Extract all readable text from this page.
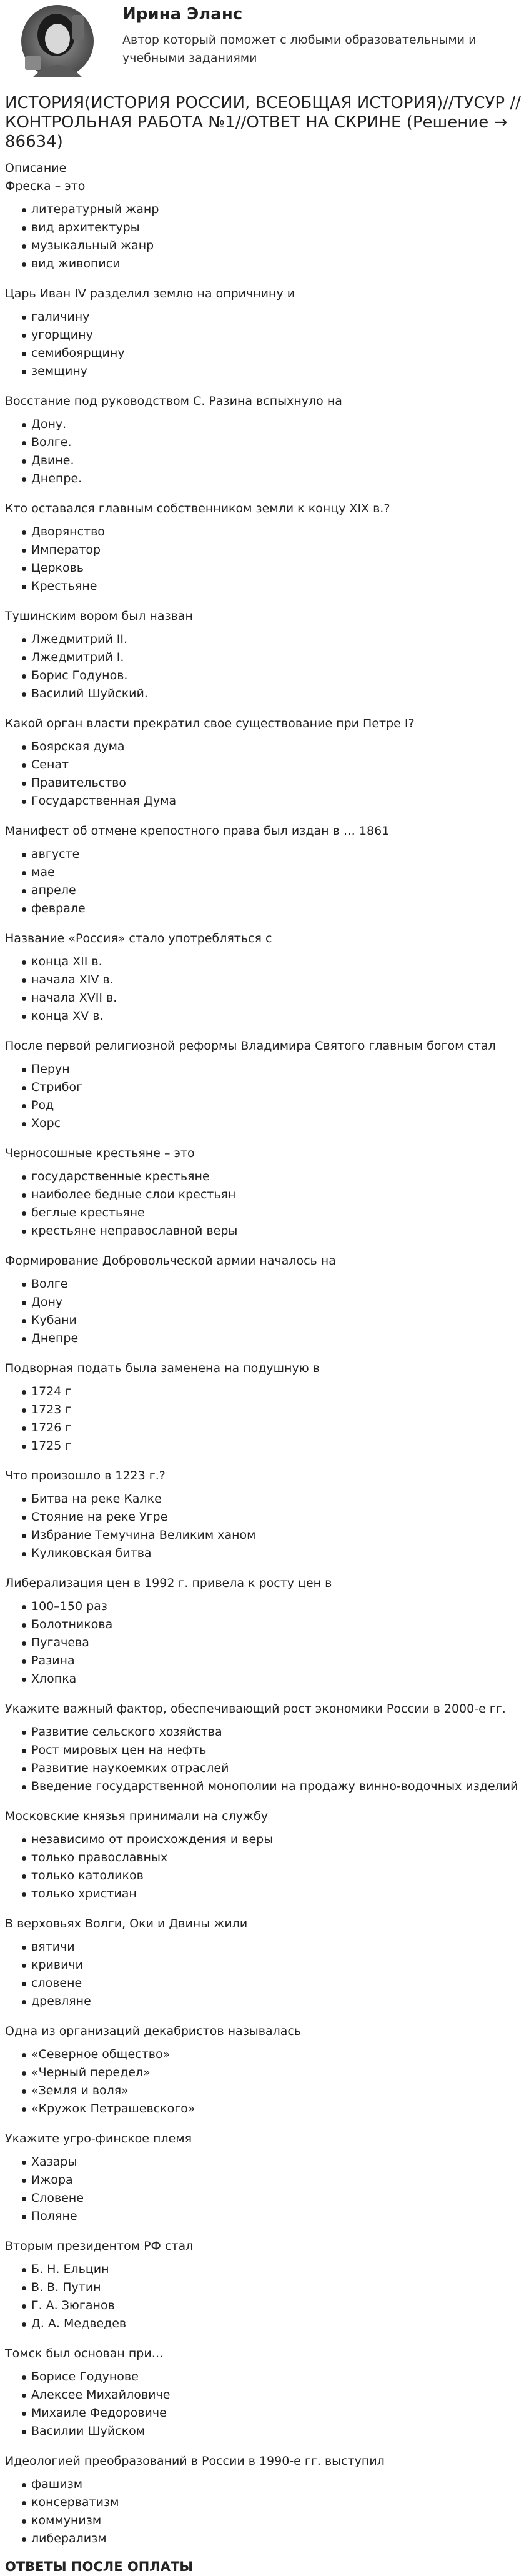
Ирина Эланс
Автор который поможет с любыми образовательными и учебными заданиями
ИСТОРИЯ(ИСТОРИЯ РОССИИ, ВСЕОБЩАЯ ИСТОРИЯ)//ТУСУР //КОНТРОЛЬНАЯ РАБОТА №1//ОТВЕТ НА СКРИНЕ (Решение → 86634)
Описание
Фреска – это
литературный жанр
вид архитектуры
музыкальный жанр
вид живописи
Царь Иван IV разделил землю на опричнину и
галичину
угорщину
семибоярщину
земщину
Восстание под руководством С. Разина вспыхнуло на
Дону.
Волге.
Двине.
Днепре.
Кто оставался главным собственником земли к концу XIX в.?
Дворянство
Император
Церковь
Крестьяне
Тушинским вором был назван
Лжедмитрий II.
Лжедмитрий I.
Борис Годунов.
Василий Шуйский.
Какой орган власти прекратил свое существование при Петре I?
Боярская дума
Сенат
Правительство
Государственная Дума
Манифест об отмене крепостного права был издан в … 1861
августе
мае
апреле
феврале
Название «Россия» стало употребляться с
конца XII в.
начала XIV в.
начала XVII в.
конца XV в.
После первой религиозной реформы Владимира Святого главным богом стал
Перун
Стрибог
Род
Хорс
Черносошные крестьяне – это
государственные крестьяне
наиболее бедные слои крестьян
беглые крестьяне
крестьяне неправославной веры
Формирование Добровольческой армии началось на
Волге
Дону
Кубани
Днепре
Подворная подать была заменена на подушную в
1724 г
1723 г
1726 г
1725 г
Что произошло в 1223 г.?
Битва на реке Калке
Стояние на реке Угре
Избрание Темучина Великим ханом
Куликовская битва
Либерализация цен в 1992 г. привела к росту цен в
100–150 раз
Болотникова
Пугачева
Разина
Хлопка
Укажите важный фактор, обеспечивающий рост экономики России в 2000-е гг.
Развитие сельского хозяйства
Рост мировых цен на нефть
Развитие наукоемких отраслей
Введение государственной монополии на продажу винно-водочных изделий
Московские князья принимали на службу
независимо от происхождения и веры
только православных
только католиков
только христиан
В верховьях Волги, Оки и Двины жили
вятичи
кривичи
словене
древляне
Одна из организаций декабристов называлась
«Северное общество»
«Черный передел»
«Земля и воля»
«Кружок Петрашевского»
Укажите угро-финское племя
Хазары
Ижора
Словене
Поляне
Вторым президентом РФ стал
Б. Н. Ельцин
В. В. Путин
Г. А. Зюганов
Д. А. Медведев
Томск был основан при…
Борисе Годунове
Алексее Михайловиче
Михаиле Федоровиче
Василии Шуйском
Идеологией преобразований в России в 1990-е гг. выступил
фашизм
консерватизм
коммунизм
либерализм
ОТВЕТЫ ПОСЛЕ ОПЛАТЫ
